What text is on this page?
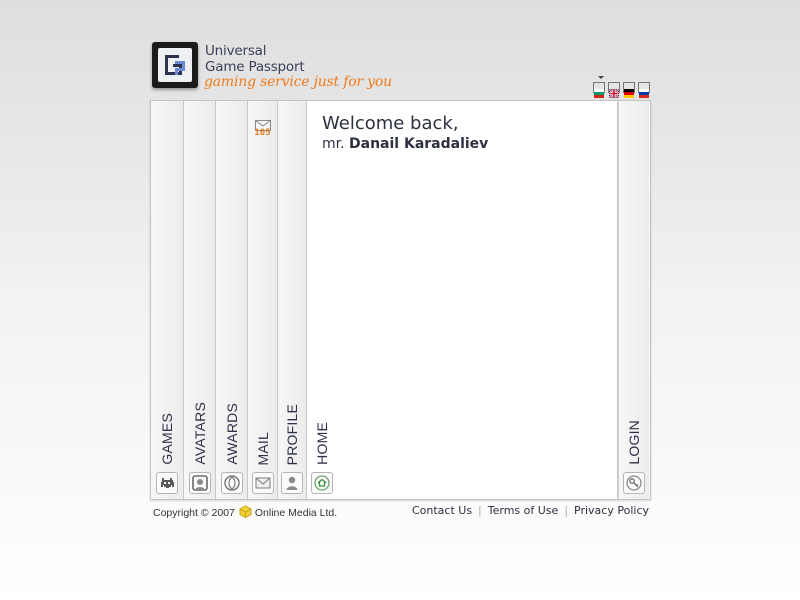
Universal
Game Passport
gaming service just for you
GAMES AVATARS AWARDS
105
MAIL PROFILE
Welcome back,
mr. Danail Karadaliev
HOME	LOGIN
Copyright © 2007 Online Media Ltd.	Contact Us | Terms of Use | Privacy Policy
